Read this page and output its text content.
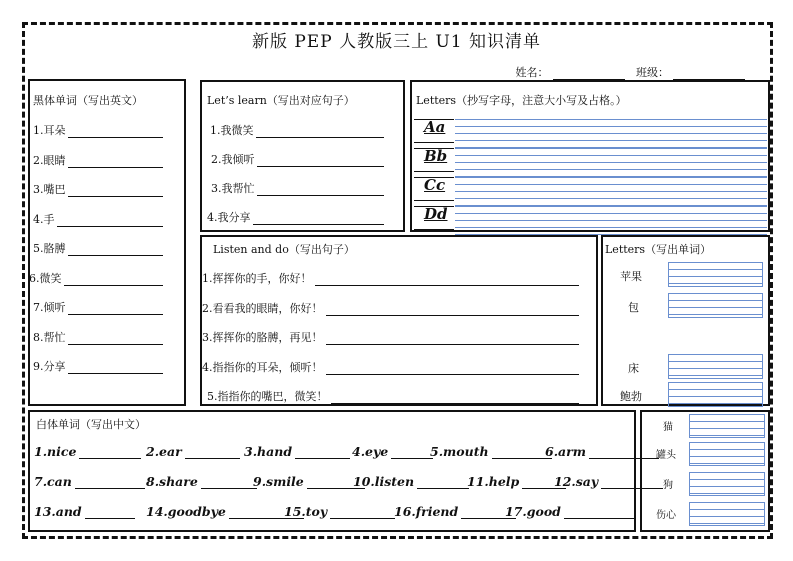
新版 PEP 人教版三上 U1 知识清单
姓名：	班级：
黑体单词（写出英文）
1.耳朵
2.眼睛
3.嘴巴
4.手
5.胳膊
6.微笑
7.倾听
8.帮忙
9.分享
Let’s learn（写出对应句子）
1.我微笑
2.我倾听
3.我帮忙
4.我分享
Letters（抄写字母，注意大小写及占格。）
Aa
Bb
Cc
Dd
Listen and do（写出句子）
1.挥挥你的手，你好！
2.看看我的眼睛，你好！
3.挥挥你的胳膊，再见！
4.指指你的耳朵，倾听！
5.指指你的嘴巴，微笑！
Letters（写出单词）
苹果
包
床
鲍勃
白体单词（写出中文）
1.nice	2.ear	3.hand	4.eye	5.mouth	6.arm
7.can	8.share	9.smile	10.listen	11.help	12.say
13.and	14.goodbye	15.toy	16.friend	17.good
猫
罐头
狗
伤心
